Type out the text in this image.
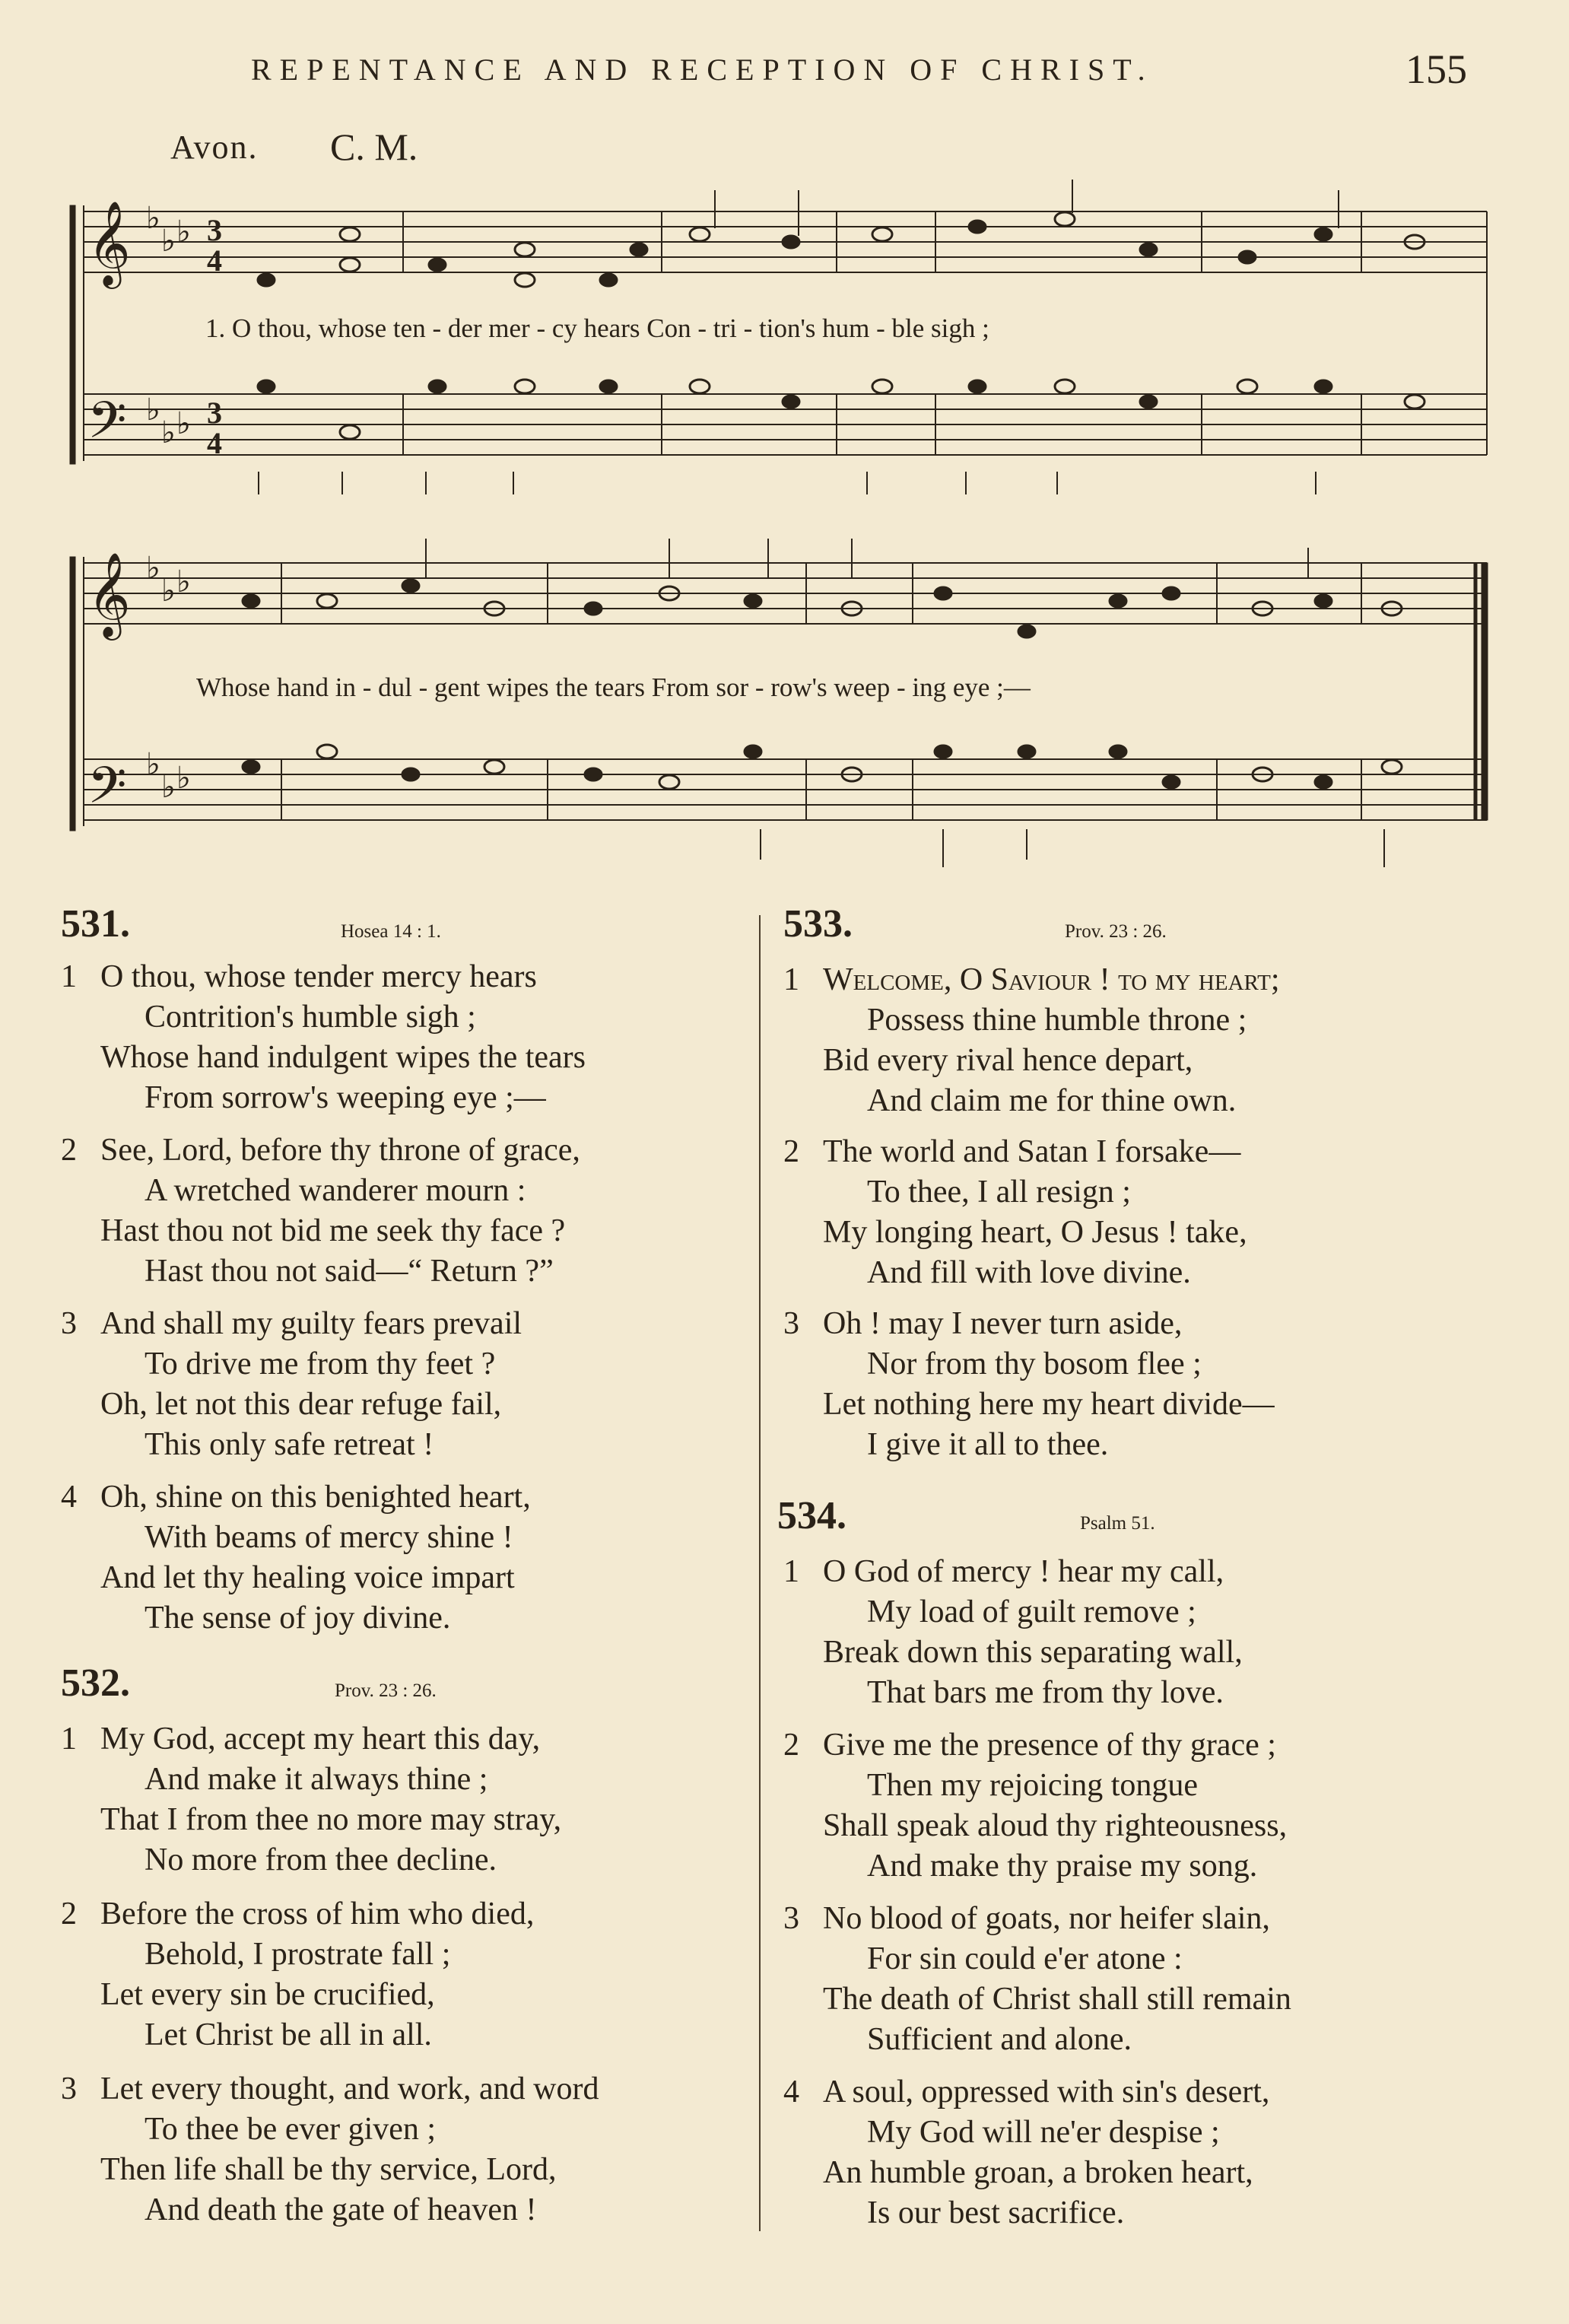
REPENTANCE AND RECEPTION OF CHRIST.	155
Avon. C. M.
𝄞
𝄢
𝄞
𝄢
♭
♭ ♭
♭
♭ ♭
♭
♭ ♭
♭
♭ ♭
3
4
3
4
1. O thou, whose ten - der mer - cy hears Con - tri - tion's hum - ble sigh ;
Whose hand in - dul - gent wipes the tears From sor - row's weep - ing eye ;—
531.	Hosea 14 : 1.
1 O thou, whose tender mercy hears
Contrition's humble sigh ;
Whose hand indulgent wipes the tears
From sorrow's weeping eye ;—
2 See, Lord, before thy throne of grace,
A wretched wanderer mourn :
Hast thou not bid me seek thy face ?
Hast thou not said—“ Return ?”
3 And shall my guilty fears prevail
To drive me from thy feet ?
Oh, let not this dear refuge fail,
This only safe retreat !
4 Oh, shine on this benighted heart,
With beams of mercy shine !
And let thy healing voice impart
The sense of joy divine.
532.	Prov. 23 : 26.
1 My God, accept my heart this day,
And make it always thine ;
That I from thee no more may stray,
No more from thee decline.
2 Before the cross of him who died,
Behold, I prostrate fall ;
Let every sin be crucified,
Let Christ be all in all.
3 Let every thought, and work, and word
To thee be ever given ;
Then life shall be thy service, Lord,
And death the gate of heaven !
533.	Prov. 23 : 26.
1 Welcome, O Saviour ! to my heart;
Possess thine humble throne ;
Bid every rival hence depart,
And claim me for thine own.
2 The world and Satan I forsake—
To thee, I all resign ;
My longing heart, O Jesus ! take,
And fill with love divine.
3 Oh ! may I never turn aside,
Nor from thy bosom flee ;
Let nothing here my heart divide—
I give it all to thee.
534.	Psalm 51.
1 O God of mercy ! hear my call,
My load of guilt remove ;
Break down this separating wall,
That bars me from thy love.
2 Give me the presence of thy grace ;
Then my rejoicing tongue
Shall speak aloud thy righteousness,
And make thy praise my song.
3 No blood of goats, nor heifer slain,
For sin could e'er atone :
The death of Christ shall still remain
Sufficient and alone.
4 A soul, oppressed with sin's desert,
My God will ne'er despise ;
An humble groan, a broken heart,
Is our best sacrifice.
